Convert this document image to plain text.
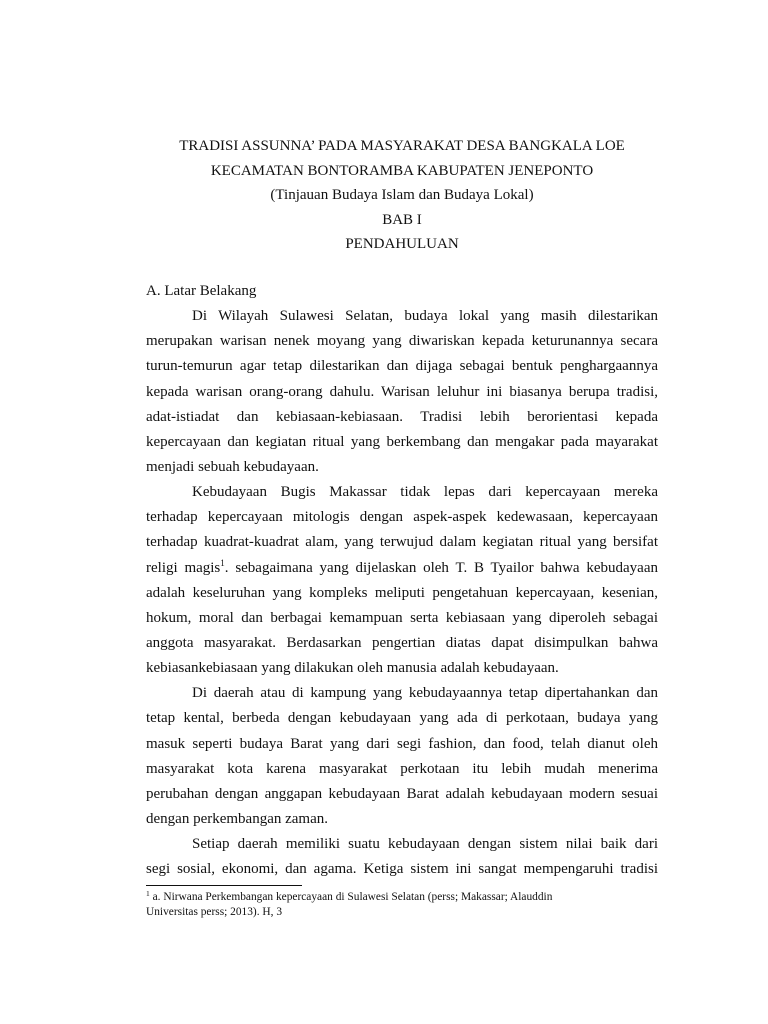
TRADISI ASSUNNA’ PADA MASYARAKAT DESA BANGKALA LOE
KECAMATAN BONTORAMBA KABUPATEN JENEPONTO
(Tinjauan Budaya Islam dan Budaya Lokal)
BAB I
PENDAHULUAN
A. Latar Belakang
Di Wilayah Sulawesi Selatan, budaya lokal yang masih dilestarikan
merupakan warisan nenek moyang yang diwariskan kepada keturunannya secara
turun-temurun agar tetap dilestarikan dan dijaga sebagai bentuk penghargaannya
kepada warisan orang-orang dahulu. Warisan leluhur ini biasanya berupa tradisi,
adat-istiadat dan kebiasaan-kebiasaan. Tradisi lebih berorientasi kepada
kepercayaan dan kegiatan ritual yang berkembang dan mengakar pada mayarakat
menjadi sebuah kebudayaan.
Kebudayaan Bugis Makassar tidak lepas dari kepercayaan mereka
terhadap kepercayaan mitologis dengan aspek-aspek kedewasaan, kepercayaan
terhadap kuadrat-kuadrat alam, yang terwujud dalam kegiatan ritual yang bersifat
religi magis$^1$. sebagaimana yang dijelaskan oleh T. B Tyailor bahwa kebudayaan
adalah keseluruhan yang kompleks meliputi pengetahuan kepercayaan, kesenian,
hokum, moral dan berbagai kemampuan serta kebiasaan yang diperoleh sebagai
anggota masyarakat. Berdasarkan pengertian diatas dapat disimpulkan bahwa
kebiasankebiasaan yang dilakukan oleh manusia adalah kebudayaan.
Di daerah atau di kampung yang kebudayaannya tetap dipertahankan dan
tetap kental, berbeda dengan kebudayaan yang ada di perkotaan, budaya yang
masuk seperti budaya Barat yang dari segi fashion, dan food, telah dianut oleh
masyarakat kota karena masyarakat perkotaan itu lebih mudah menerima
perubahan dengan anggapan kebudayaan Barat adalah kebudayaan modern sesuai
dengan perkembangan zaman.
Setiap daerah memiliki suatu kebudayaan dengan sistem nilai baik dari
segi sosial, ekonomi, dan agama. Ketiga sistem ini sangat mempengaruhi tradisi
$^1$ a. Nirwana Perkembangan kepercayaan di Sulawesi Selatan (perss; Makassar; Alauddin
Universitas perss; 2013). H, 3
